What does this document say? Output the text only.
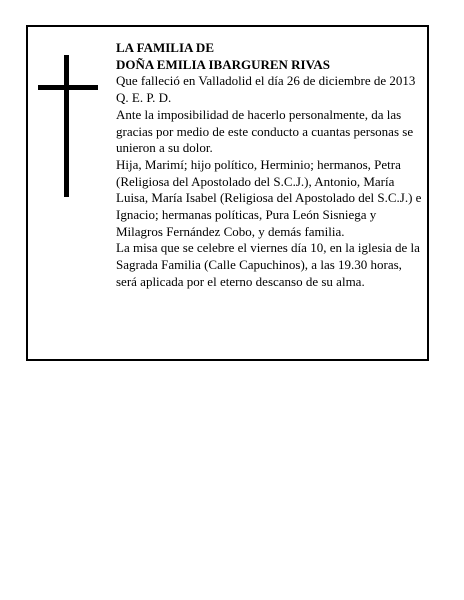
LA FAMILIA DE

DOÑA EMILIA IBARGUREN RIVAS

Que falleció en Valladolid el día 26 de diciembre de 2013

Q. E. P. D.

Ante la imposibilidad de hacerlo personalmente, da las gracias por medio de este conducto a cuantas personas se unieron a su dolor.

Hija, Marimí; hijo político, Herminio; hermanos, Petra (Religiosa del Apostolado del S.C.J.), Antonio, María Luisa, María Isabel (Religiosa del Apostolado del S.C.J.) e Ignacio; hermanas políticas, Pura León Sisniega y Milagros Fernández Cobo, y demás familia.

La misa que se celebre el viernes día 10, en la iglesia de la Sagrada Familia (Calle Capuchinos), a las 19.30 horas, será aplicada por el eterno descanso de su alma.
